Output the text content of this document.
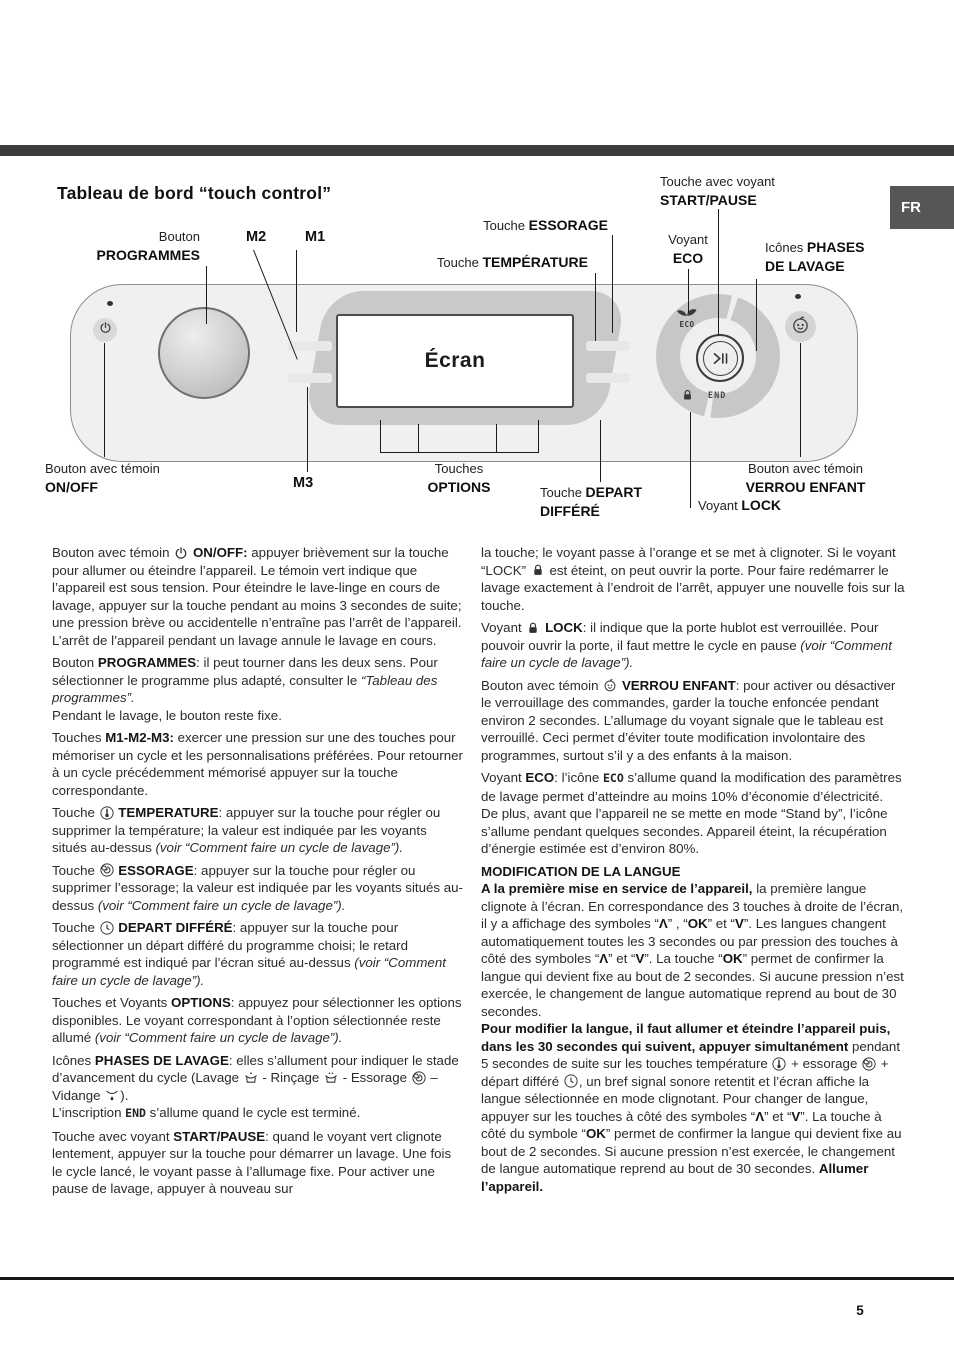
Tableau de bord “touch control”
FR
Écran
ECO
END
Bouton
PROGRAMMES
M2	M1
Touche ESSORAGE
Touche TEMPÉRATURE
Touche avec voyant
START/PAUSE
Voyant
ECO
Icônes PHASES
DE LAVAGE
Bouton avec témoin
ON/OFF	M3
Touches
OPTIONS	Touche DEPART
DIFFÉRÉ	Voyant LOCK
Bouton avec témoin
VERROU ENFANT

Bouton avec témoin
ON/OFF: appuyer brièvement sur la touche pour allumer ou éteindre l’appareil. Le témoin vert indique que l’appareil est sous tension. Pour éteindre le lave-linge en cours de lavage, appuyer sur la touche pendant au moins 3 secondes de suite; une pression brève ou accidentelle n’entraîne pas l’arrêt de l’appareil. L’arrêt de l’appareil pendant un lavage annule le lavage en cours.

Bouton PROGRAMMES: il peut tourner dans les deux sens. Pour sélectionner le programme plus adapté, consulter le “Tableau des programmes”.
Pendant le lavage, le bouton reste fixe.

Touches M1-M2-M3: exercer une pression sur une des touches pour mémoriser un cycle et les personnalisations préférées. Pour retourner à un cycle précédemment mémorisé appuyer sur la touche correspondante.

Touche
TEMPERATURE: appuyer sur la touche pour régler ou supprimer la température; la valeur est indiquée par les voyants situés au-dessus (voir “Comment faire un cycle de lavage”).

Touche
ESSORAGE: appuyer sur la touche pour régler ou supprimer l’essorage; la valeur est indiquée par les voyants situés au-dessus (voir “Comment faire un cycle de lavage”).

Touche
DEPART DIFFÉRÉ: appuyer sur la touche pour sélectionner un départ différé du programme choisi; le retard programmé est indiqué par l’écran situé au-dessus (voir “Comment faire un cycle de lavage”).

Touches et Voyants OPTIONS: appuyez pour sélectionner les options disponibles. Le voyant correspondant à l’option sélectionnée reste allumé (voir “Comment faire un cycle de lavage”).

Icônes PHASES DE LAVAGE: elles s’allument pour indiquer le stade d’avancement du cycle (Lavage
- Rinçage
- Essorage
– Vidange
).
L’inscription END s’allume quand le cycle est terminé.

Touche avec voyant START/PAUSE: quand le voyant vert clignote lentement, appuyer sur la touche pour démarrer un lavage. Une fois le cycle lancé, le voyant passe à l’allumage fixe. Pour activer une pause de lavage, appuyer à nouveau sur

la touche; le voyant passe à l’orange et se met à clignoter. Si le voyant “LOCK”
est éteint, on peut ouvrir la porte. Pour faire redémarrer le lavage exactement à l’endroit de l’arrêt, appuyer une nouvelle fois sur la touche.

Voyant
LOCK: il indique que la porte hublot est verrouillée. Pour pouvoir ouvrir la porte, il faut mettre le cycle en pause (voir “Comment faire un cycle de lavage”).

Bouton avec témoin
VERROU ENFANT: pour activer ou désactiver le verrouillage des commandes, garder la touche enfoncée pendant environ 2 secondes. L’allumage du voyant signale que le tableau est verrouillé. Ceci permet d’éviter toute modification involontaire des programmes, surtout s’il y a des enfants à la maison.

Voyant ECO: l’icône ECO s’allume quand la modification des paramètres de lavage permet d’atteindre au moins 10% d’économie d’électricité.
De plus, avant que l’appareil ne se mette en mode “Stand by”, l’icône s’allume pendant quelques secondes. Appareil éteint, la récupération d’énergie estimée est d’environ 80%.

MODIFICATION DE LA LANGUE
A la première mise en service de l’appareil, la première langue clignote à l’écran. En correspondance des 3 touches à droite de l’écran, il y a affichage des symboles “Λ” , “OK” et “V”. Les langues changent automatiquement toutes les 3 secondes ou par pression des touches à côté des symboles “Λ” et “V”. La touche “OK” permet de confirmer la langue qui devient fixe au bout de 2 secondes. Si aucune pression n’est exercée, le changement de langue automatique reprend au bout de 30 secondes.
Pour modifier la langue, il faut allumer et éteindre l’appareil puis, dans les 30 secondes qui suivent, appuyer simultanément pendant 5 secondes de suite sur les touches température
+ essorage
+ départ différé
, un bref signal sonore retentit et l’écran affiche la langue sélectionnée en mode clignotant. Pour changer de langue, appuyer sur les touches à côté des symboles “Λ” et “V”. La touche à côté du symbole “OK” permet de confirmer la langue qui devient fixe au bout de 2 secondes. Si aucune pression n’est exercée, le changement de langue automatique reprend au bout de 30 secondes. Allumer l’appareil.

5
